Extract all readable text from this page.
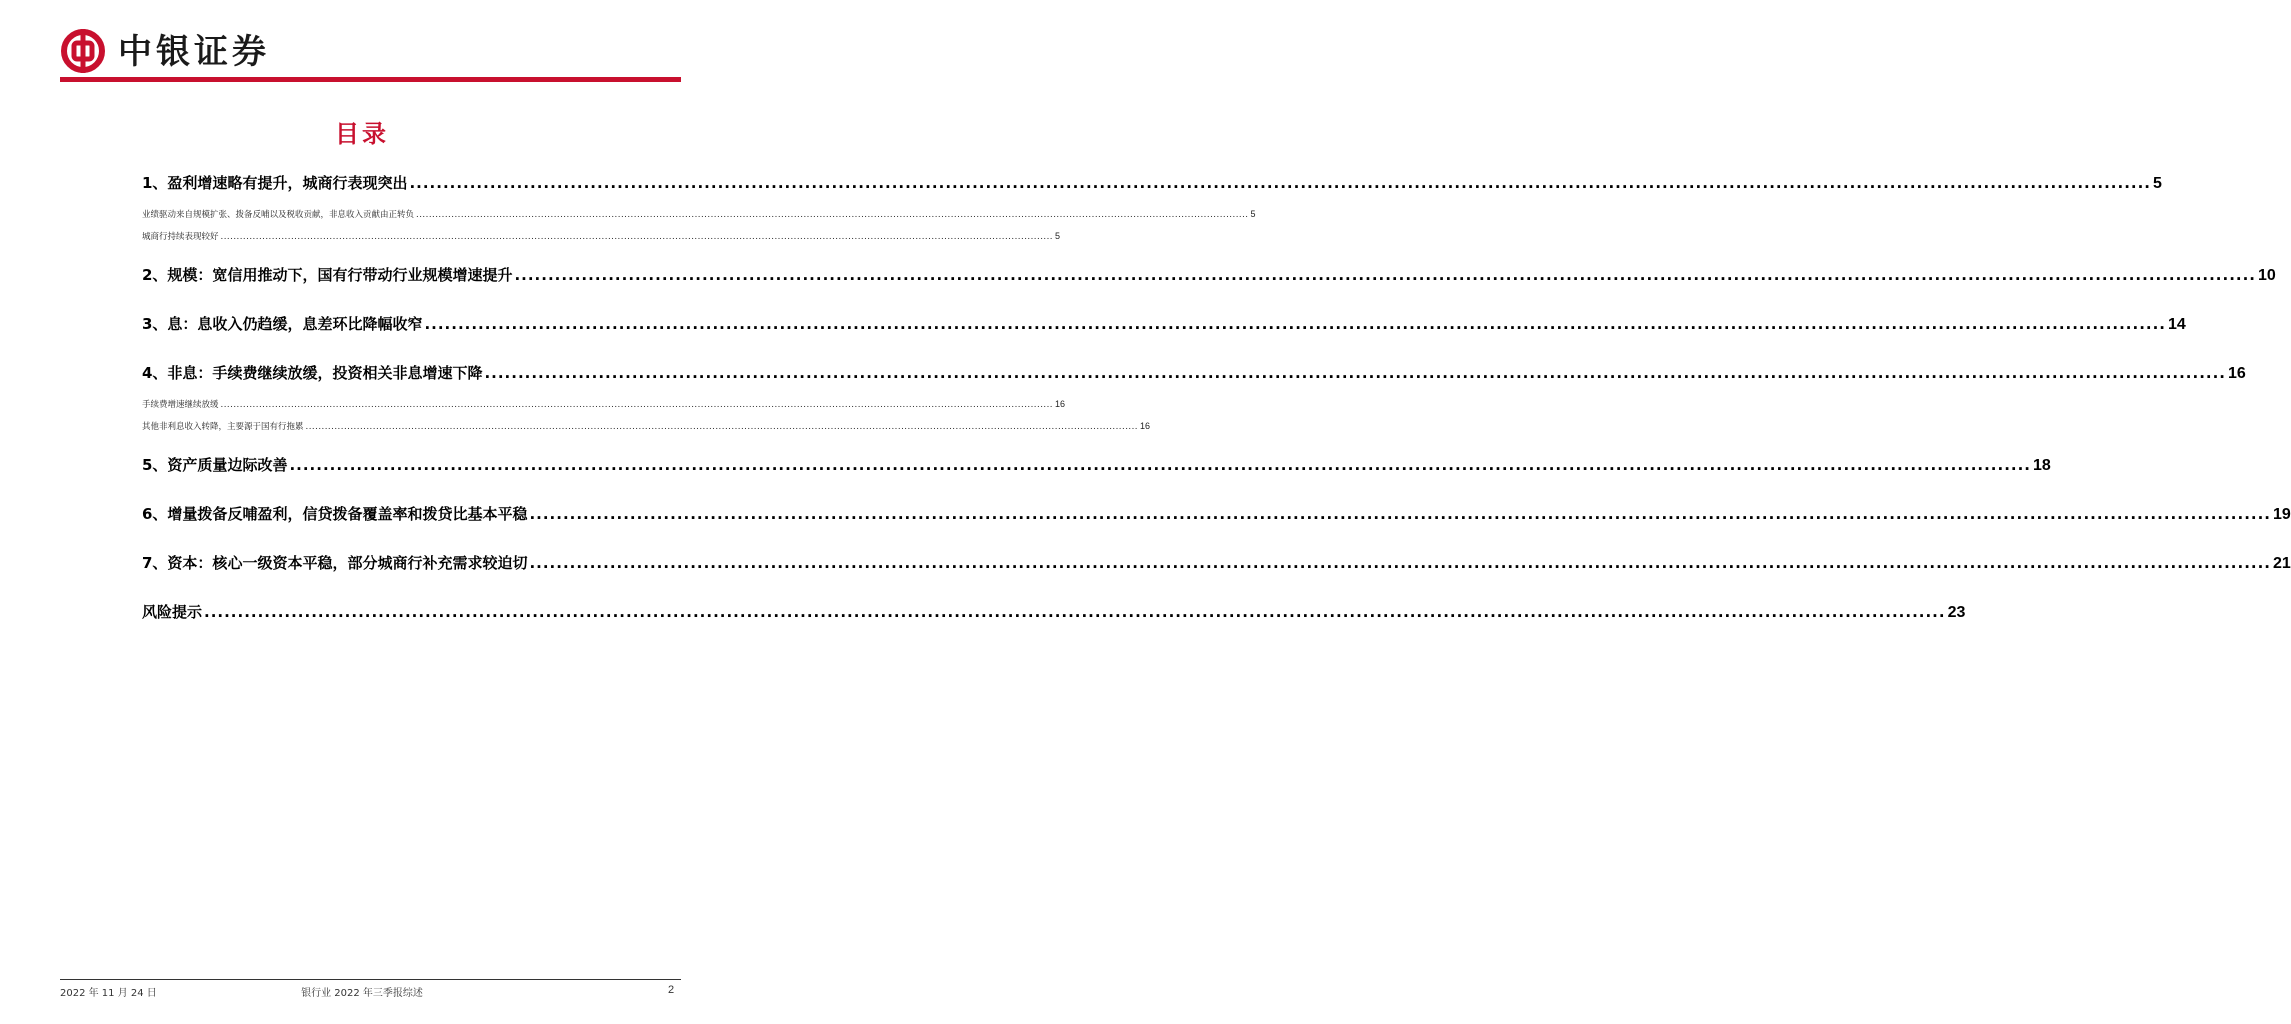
中银证券
目录
1、盈利增速略有提升，城商行表现突出 .................................................................................................................................................................................................................................................................... 5
业绩驱动来自规模扩张、拨备反哺以及税收贡献，非息收入贡献由正转负 .................................................................................................................................................................................................................................................................... 5
城商行持续表现较好 .................................................................................................................................................................................................................................................................... 5
2、规模：宽信用推动下，国有行带动行业规模增速提升 .................................................................................................................................................................................................................................................................... 10
3、息：息收入仍趋缓，息差环比降幅收窄 .................................................................................................................................................................................................................................................................... 14
4、非息：手续费继续放缓，投资相关非息增速下降 .................................................................................................................................................................................................................................................................... 16
手续费增速继续放缓 .................................................................................................................................................................................................................................................................... 16
其他非利息收入转降，主要源于国有行拖累 .................................................................................................................................................................................................................................................................... 16
5、资产质量边际改善 .................................................................................................................................................................................................................................................................... 18
6、增量拨备反哺盈利，信贷拨备覆盖率和拨贷比基本平稳 .................................................................................................................................................................................................................................................................... 19
7、资本：核心一级资本平稳，部分城商行补充需求较迫切 .................................................................................................................................................................................................................................................................... 21
风险提示 .................................................................................................................................................................................................................................................................... 23
2022 年 11 月 24 日	银行业 2022 年三季报综述	2
